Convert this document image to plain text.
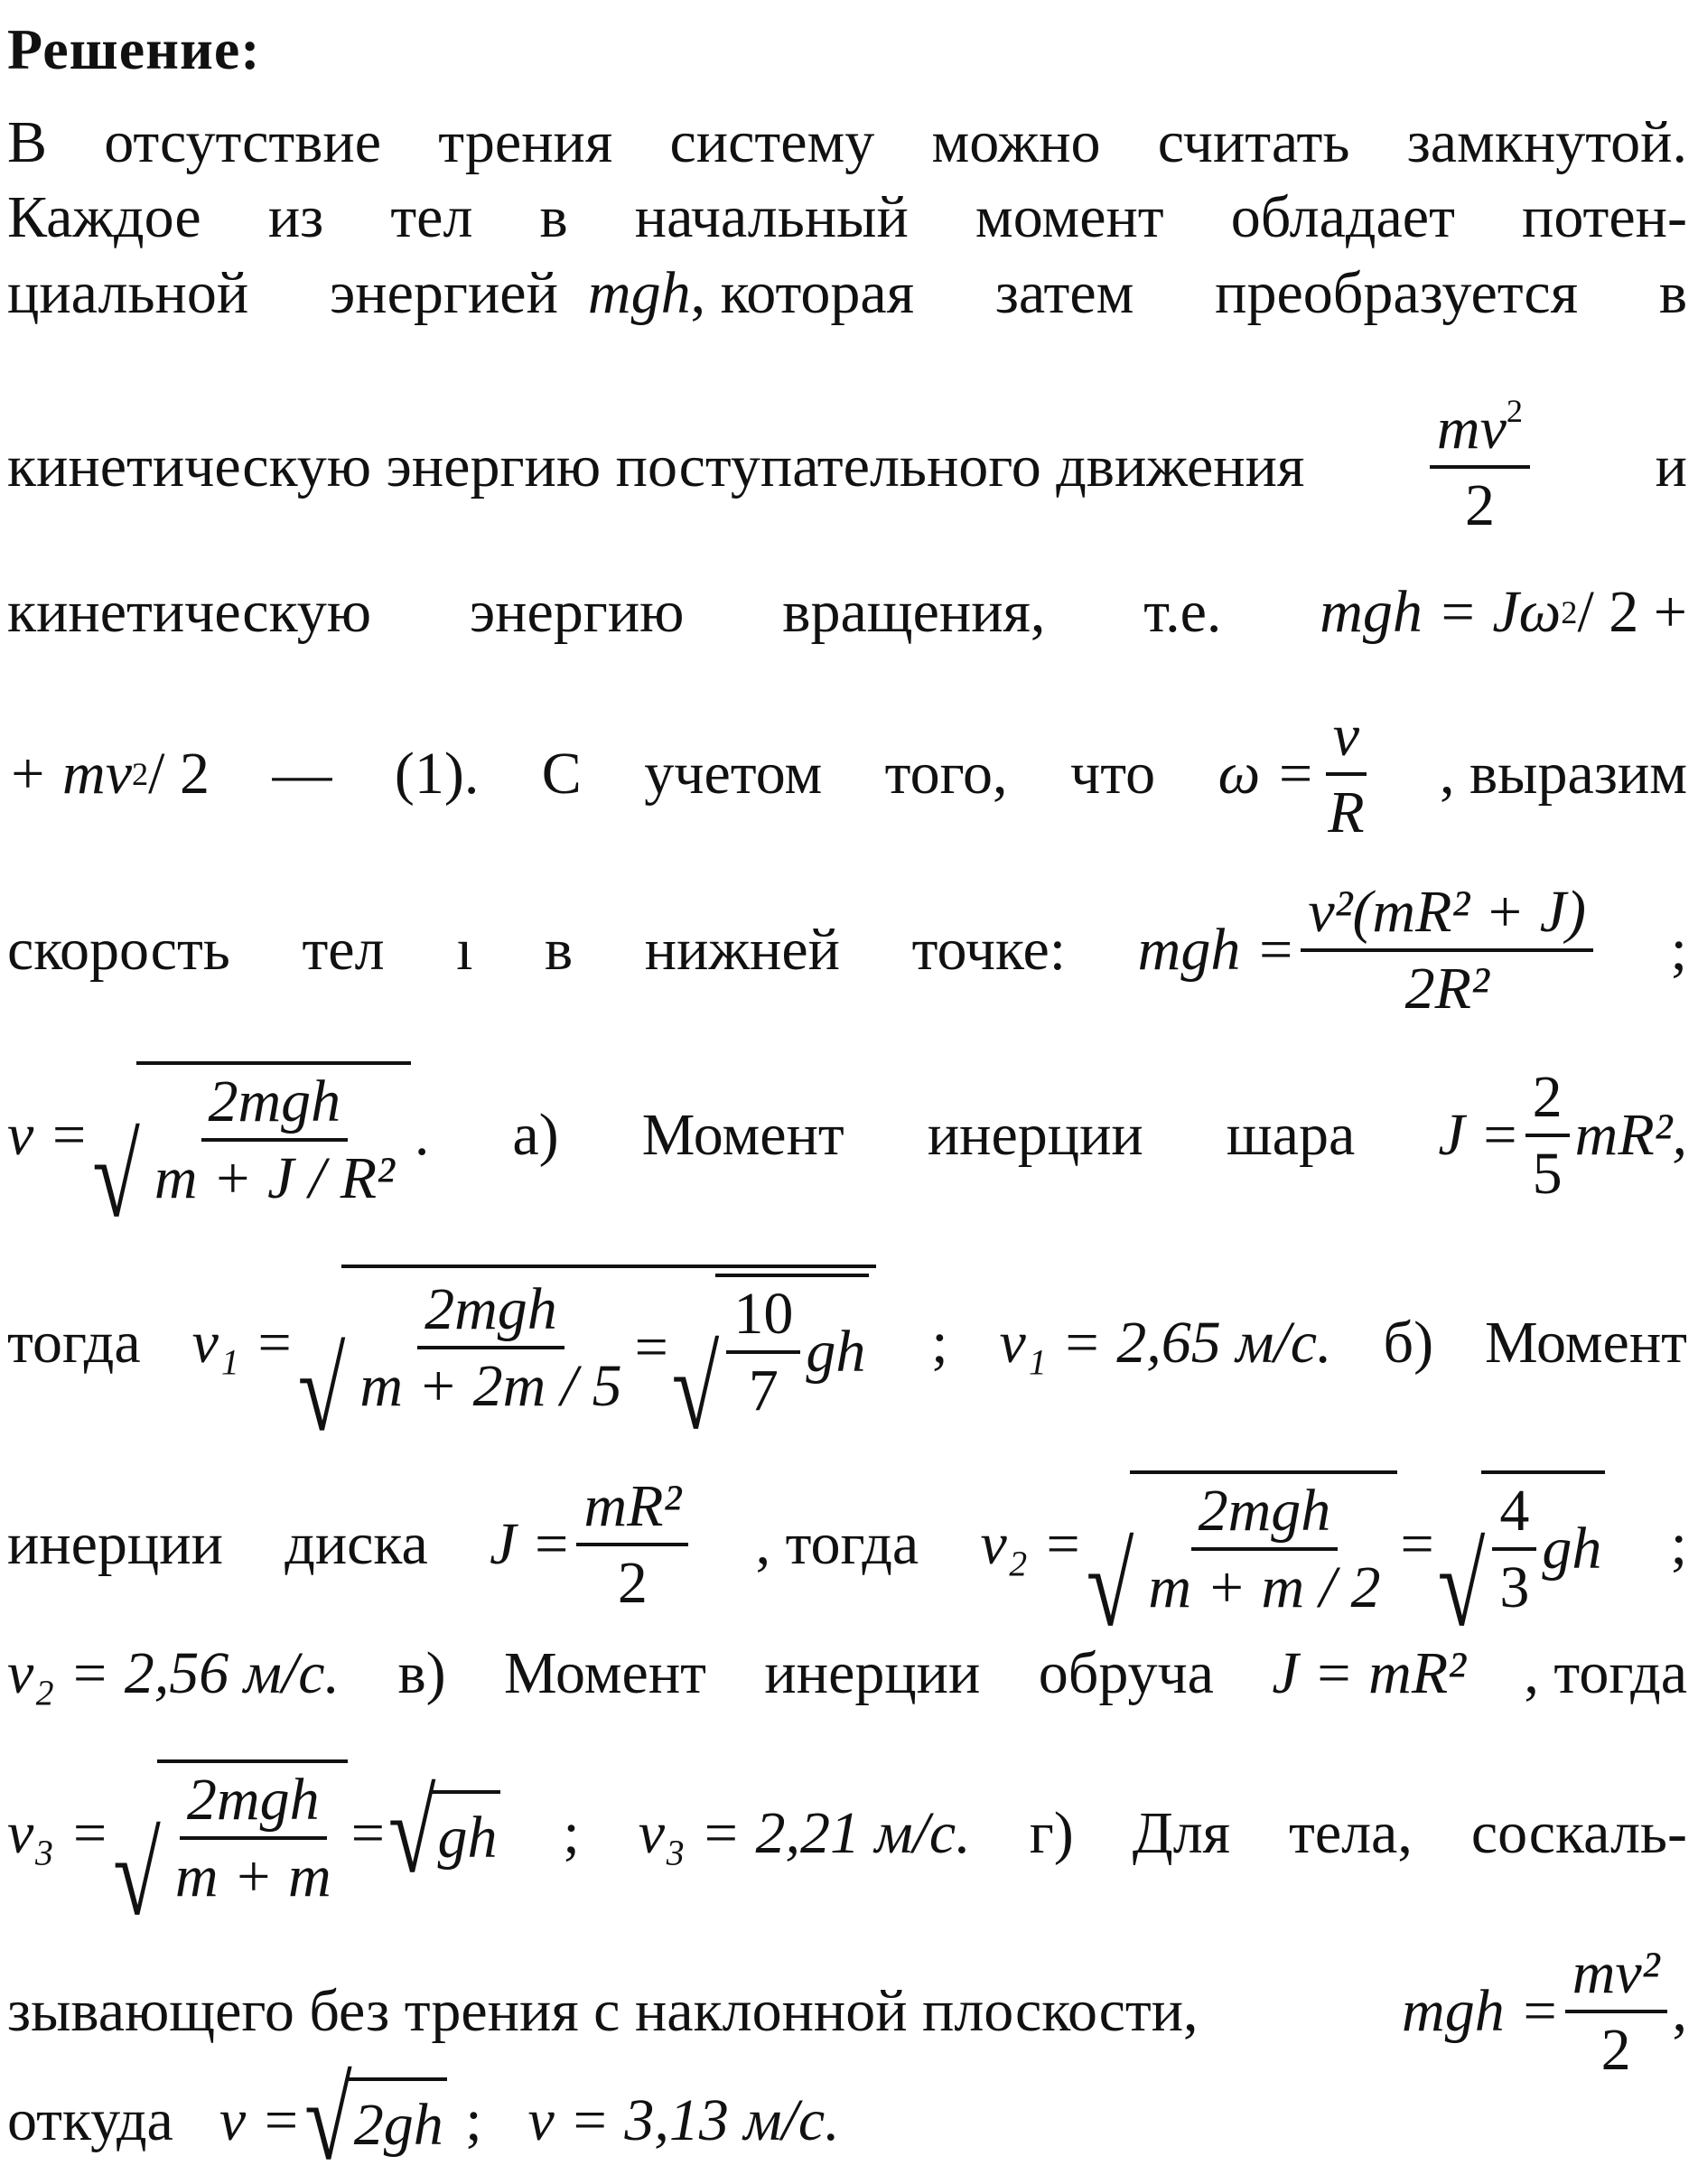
Решение:
В отсутствие трения систему можно считать замкнутой.
Каждое из тел в начальный момент обладает потен-
циальной энергией mgh, которая затем преобразуется в
кинетическую энергию поступательного движения $\frac{mv^2}{2}$ и
кинетическую энергию вращения, т.е. mgh = Jω 2 / 2 +
+ mv 2 / 2 — (1). С учетом того, что $\omega = \frac{v}{R}$ , выразим
скорость тел ı в нижней точке: mgh = $\frac{\text{v²(mR² + J)}}{\text{2R²}}$ ;
v = √ $\frac{\text{2mgh}}{\text{m + J / R²}}$ . а) Момент инерции шара $J = \frac{2}{5} mR^2$,
тогда v₁ = √ $\frac{\text{2mgh}}{m + 2m / 5}$ = √ $\frac{10}{7}$ gh ; v₁ = 2,65 м/с. б) Момент
инерции диска $J = \frac{\text{mR²}}{2}$ , тогда v₂ = √ $\frac{\text{2mgh}}{m + m / 2}$ = √ $\frac{4}{3}$ gh ;
v₂ = 2,56 м/с. в) Момент инерции обруча J = mR² , тогда
v₃ = √ $\frac{\text{2mgh}}{m + m}$ = √ gh ; v₃ = 2,21 м/с. г) Для тела, соскаль-
зывающего без трения с наклонной плоскости,	mgh = $\frac{\text{mv²}}{2}$ ,
откуда v = √ 2gh ; v = 3,13 м/с.
